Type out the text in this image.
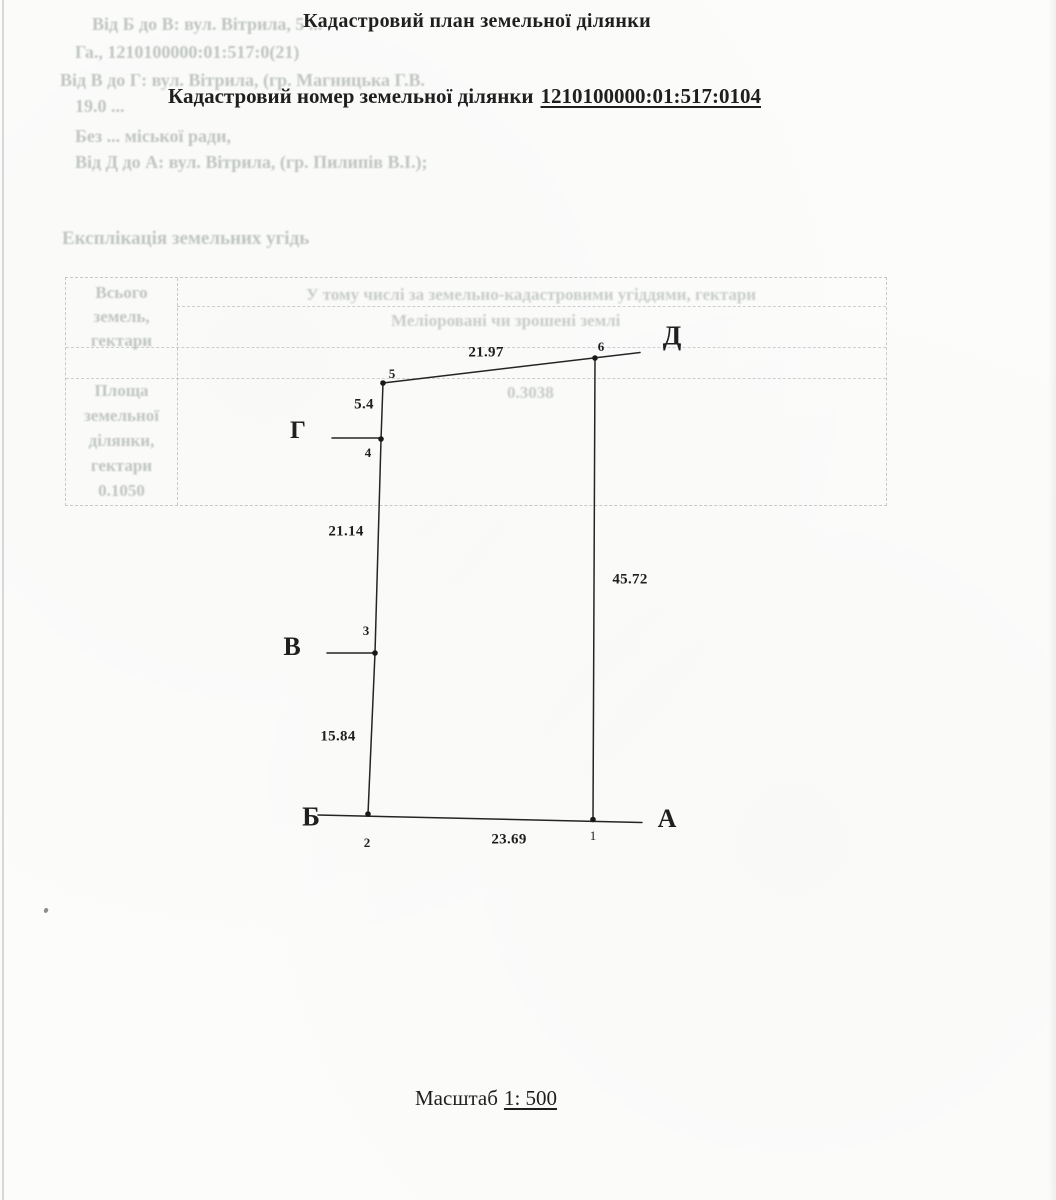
Від Б до В: вул. Вітрила, 5 ...
Га., 1210100000:01:517:0(21)
Від В до Г: вул. Вітрила, (гр. Магницька Г.В.
19.0 ...
Без ... міської ради,
Від Д до А: вул. Вітрила, (гр. Пилипів В.І.);
Кадастровий план земельної ділянки
Кадастровий номер земельної ділянки 1210100000:01:517:0104
Експлікація земельних угідь
Всього
земель,
гектари
Площа
земельної
ділянки,
гектари
0.1050
У тому числі за земельно-кадастровими угіддями, гектари
Меліоровані чи зрошені землі
0.3038
Д
Г
В
Б	А
5
6
4
3
2	1
21.97
5.4
21.14
45.72
15.84
23.69
Масштаб 1: 500
